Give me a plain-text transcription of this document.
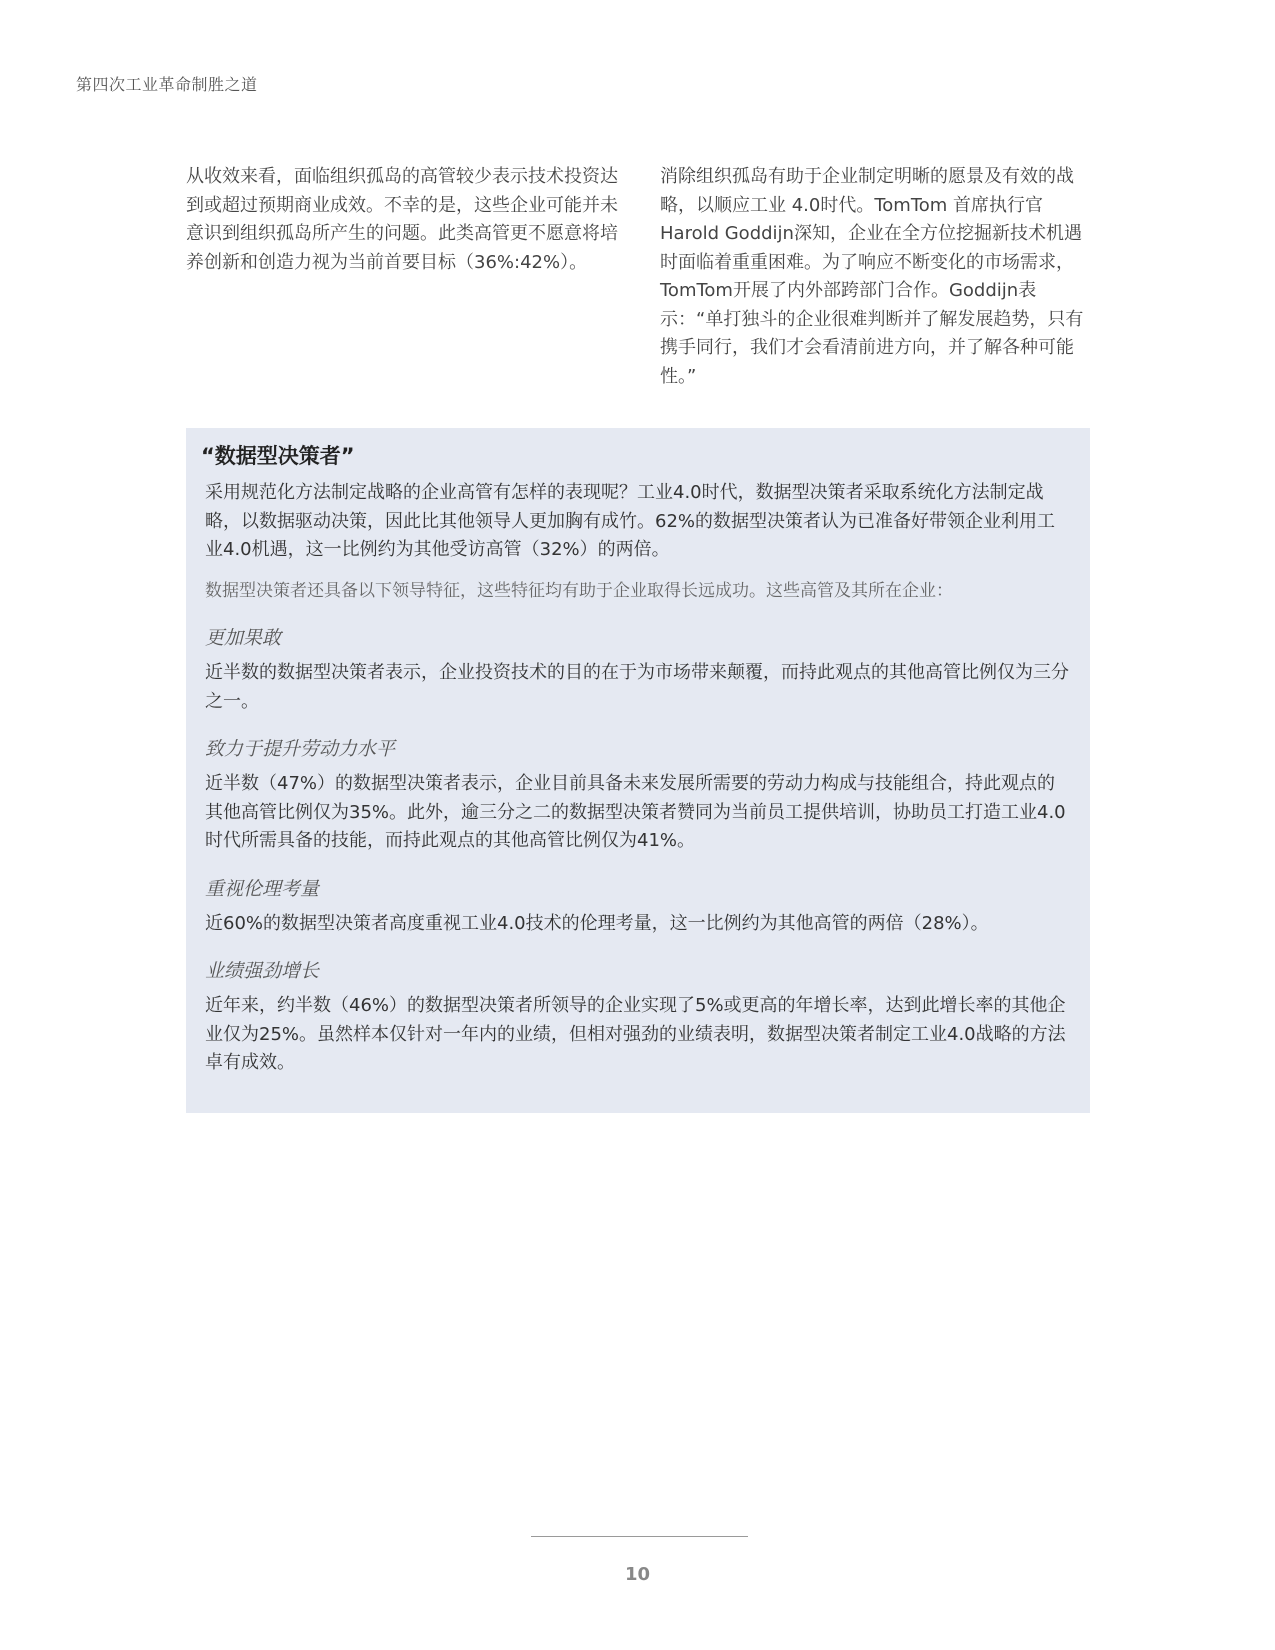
第四次工业革命制胜之道
从收效来看，面临组织孤岛的高管较少表示技术投资达到或超过预期商业成效。不幸的是，这些企业可能并未意识到组织孤岛所产生的问题。此类高管更不愿意将培养创新和创造力视为当前首要目标（36%:42%）。
消除组织孤岛有助于企业制定明晰的愿景及有效的战略，以顺应工业 4.0时代。TomTom 首席执行官Harold Goddijn深知，企业在全方位挖掘新技术机遇时面临着重重困难。为了响应不断变化的市场需求，TomTom开展了内外部跨部门合作。Goddijn表示：“单打独斗的企业很难判断并了解发展趋势，只有携手同行，我们才会看清前进方向，并了解各种可能性。”
“数据型决策者”

采用规范化方法制定战略的企业高管有怎样的表现呢？工业4.0时代，数据型决策者采取系统化方法制定战略，以数据驱动决策，因此比其他领导人更加胸有成竹。62%的数据型决策者认为已准备好带领企业利用工业4.0机遇，这一比例约为其他受访高管（32%）的两倍。

数据型决策者还具备以下领导特征，这些特征均有助于企业取得长远成功。这些高管及其所在企业：

更加果敢

近半数的数据型决策者表示，企业投资技术的目的在于为市场带来颠覆，而持此观点的其他高管比例仅为三分之一。

致力于提升劳动力水平

近半数（47%）的数据型决策者表示，企业目前具备未来发展所需要的劳动力构成与技能组合，持此观点的其他高管比例仅为35%。此外，逾三分之二的数据型决策者赞同为当前员工提供培训，协助员工打造工业4.0时代所需具备的技能，而持此观点的其他高管比例仅为41%。

重视伦理考量

近60%的数据型决策者高度重视工业4.0技术的伦理考量，这一比例约为其他高管的两倍（28%）。

业绩强劲增长

近年来，约半数（46%）的数据型决策者所领导的企业实现了5%或更高的年增长率，达到此增长率的其他企业仅为25%。虽然样本仅针对一年内的业绩，但相对强劲的业绩表明，数据型决策者制定工业4.0战略的方法卓有成效。

10
